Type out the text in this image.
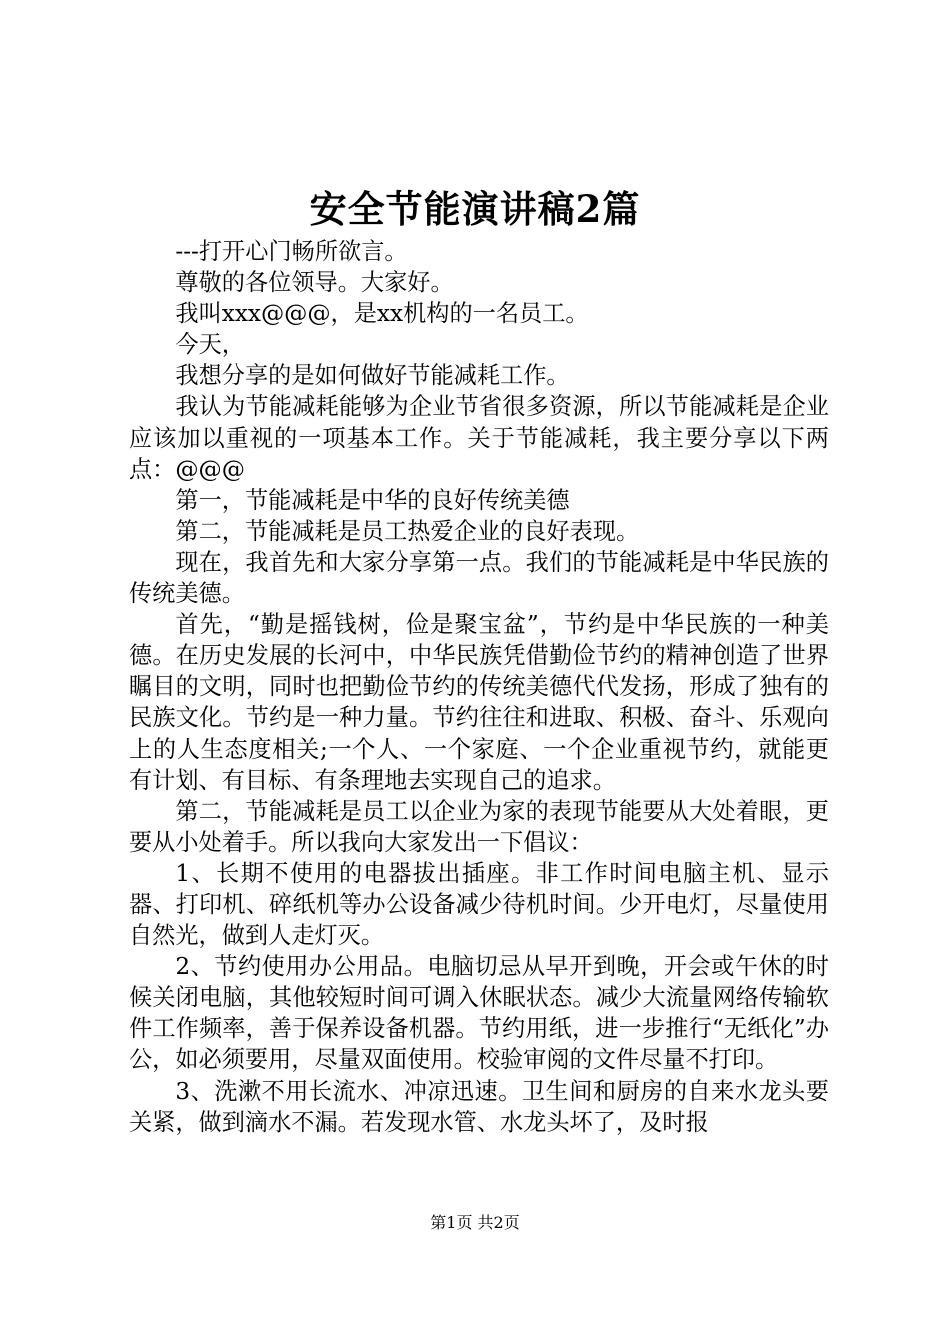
安全节能演讲稿2篇

---打开心门畅所欲言。

尊敬的各位领导。大家好。

我叫xxx@@@，是xx机构的一名员工。

今天，

我想分享的是如何做好节能减耗工作。

我认为节能减耗能够为企业节省很多资源，所以节能减耗是企业应该加以重视的一项基本工作。关于节能减耗，我主要分享以下两点：@@@

第一，节能减耗是中华的良好传统美德

第二，节能减耗是员工热爱企业的良好表现。

现在，我首先和大家分享第一点。我们的节能减耗是中华民族的传统美德。

首先，“勤是摇钱树，俭是聚宝盆”，节约是中华民族的一种美德。在历史发展的长河中，中华民族凭借勤俭节约的精神创造了世界瞩目的文明，同时也把勤俭节约的传统美德代代发扬，形成了独有的民族文化。节约是一种力量。节约往往和进取、积极、奋斗、乐观向上的人生态度相关;一个人、一个家庭、一个企业重视节约，就能更有计划、有目标、有条理地去实现自己的追求。

第二，节能减耗是员工以企业为家的表现节能要从大处着眼，更要从小处着手。所以我向大家发出一下倡议：

1、长期不使用的电器拔出插座。非工作时间电脑主机、显示器、打印机、碎纸机等办公设备减少待机时间。少开电灯，尽量使用自然光，做到人走灯灭。

2、节约使用办公用品。电脑切忌从早开到晚，开会或午休的时候关闭电脑，其他较短时间可调入休眠状态。减少大流量网络传输软件工作频率，善于保养设备机器。节约用纸，进一步推行“无纸化”办公，如必须要用，尽量双面使用。校验审阅的文件尽量不打印。

3、洗漱不用长流水、冲凉迅速。卫生间和厨房的自来水龙头要关紧，做到滴水不漏。若发现水管、水龙头坏了，及时报

第1页 共2页
